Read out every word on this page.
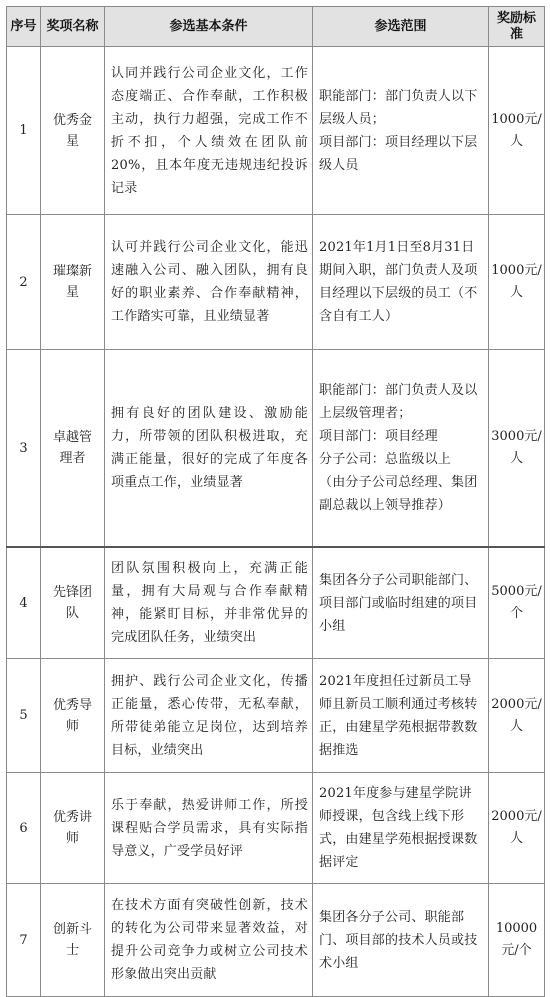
序号	奖项名称	参选基本条件	参选范围	奖励标准
1	优秀金星	认同并践行公司企业文化，工作态度端正、合作奉献，工作积极主动，执行力超强，完成工作不折不扣，个人绩效在团队前20%，且本年度无违规违纪投诉记录	职能部门：部门负责人以下层级人员；
项目部门：项目经理以下层级人员	1000元/人
2	璀璨新星	认可并践行公司企业文化，能迅速融入公司、融入团队，拥有良好的职业素养、合作奉献精神，工作踏实可靠，且业绩显著	2021年1月1日至8月31日期间入职，部门负责人及项目经理以下层级的员工（不含自有工人）	1000元/人
3	卓越管理者	拥有良好的团队建设、激励能力，所带领的团队积极进取，充满正能量，很好的完成了年度各项重点工作，业绩显著	职能部门：部门负责人及以上层级管理者；
项目部门：项目经理
分子公司：总监级以上
（由分子公司总经理、集团副总裁以上领导推荐）	3000元/人
4	先锋团队	团队氛围积极向上，充满正能量，拥有大局观与合作奉献精神，能紧盯目标，并非常优异的完成团队任务，业绩突出	集团各分子公司职能部门、项目部门或临时组建的项目小组	5000元/个
5	优秀导师	拥护、践行公司企业文化，传播正能量，悉心传带，无私奉献，所带徒弟能立足岗位，达到培养目标，业绩突出	2021年度担任过新员工导师且新员工顺利通过考核转正，由建星学苑根据带教数据推选	2000元/人
6	优秀讲师	乐于奉献，热爱讲师工作，所授课程贴合学员需求，具有实际指导意义，广受学员好评	2021年度参与建星学院讲师授课，包含线上线下形式，由建星学苑根据授课数据评定	2000元/人
7	创新斗士	在技术方面有突破性创新，技术的转化为公司带来显著效益，对提升公司竞争力或树立公司技术形象做出突出贡献	集团各分子公司、职能部门、项目部的技术人员或技术小组	10000元/个
